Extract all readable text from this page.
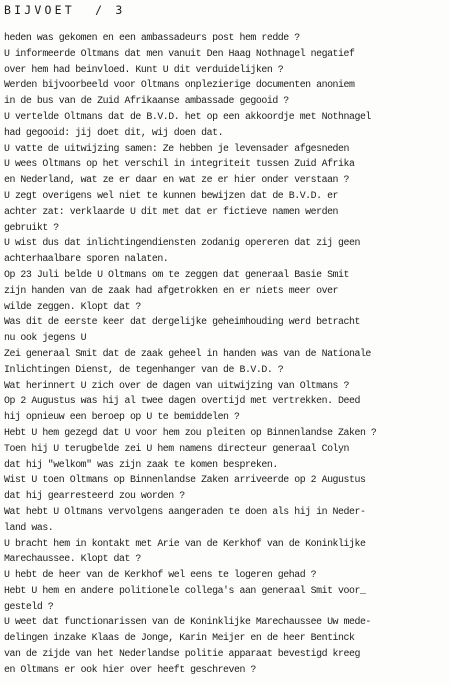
BIJVOET / 3
heden was gekomen en een ambassadeurs post hem redde ?
U informeerde Oltmans dat men vanuit Den Haag Nothnagel negatief
over hem had beinvloed. Kunt U dit verduidelijken ?
Werden bijvoorbeeld voor Oltmans onplezierige documenten anoniem
in de bus van de Zuid Afrikaanse ambassade gegooid ?
U vertelde Oltmans dat de B.V.D. het op een akkoordje met Nothnagel
had gegooid: jij doet dit, wij doen dat.
U vatte de uitwijzing samen: Ze hebben je levensader afgesneden
U wees Oltmans op het verschil in integriteit tussen Zuid Afrika
en Nederland, wat ze er daar en wat ze er hier onder verstaan ?
U zegt overigens wel niet te kunnen bewijzen dat de B.V.D. er
achter zat: verklaarde U dit met dat er fictieve namen werden
gebruikt ?
U wist dus dat inlichtingendiensten zodanig opereren dat zij geen
achterhaalbare sporen nalaten.
Op 23 Juli belde U Oltmans om te zeggen dat generaal Basie Smit
zijn handen van de zaak had afgetrokken en er niets meer over
wilde zeggen. Klopt dat ?
Was dit de eerste keer dat dergelijke geheimhouding werd betracht
nu ook jegens U
Zei generaal Smit dat de zaak geheel in handen was van de Nationale
Inlichtingen Dienst, de tegenhanger van de B.V.D. ?
Wat herinnert U zich over de dagen van uitwijzing van Oltmans ?
Op 2 Augustus was hij al twee dagen overtijd met vertrekken. Deed
hij opnieuw een beroep op U te bemiddelen ?
Hebt U hem gezegd dat U voor hem zou pleiten op Binnenlandse Zaken ?
Toen hij U terugbelde zei U hem namens directeur generaal Colyn
dat hij "welkom" was zijn zaak te komen bespreken.
Wist U toen Oltmans op Binnenlandse Zaken arriveerde op 2 Augustus
dat hij gearresteerd zou worden ?
Wat hebt U Oltmans vervolgens aangeraden te doen als hij in Neder-
land was.
U bracht hem in kontakt met Arie van de Kerkhof van de Koninklijke
Marechaussee. Klopt dat ?
U hebt de heer van de Kerkhof wel eens te logeren gehad ?
Hebt U hem en andere politionele collega's aan generaal Smit voor_
gesteld ?
U weet dat functionarissen van de Koninklijke Marechaussee Uw mede-
delingen inzake Klaas de Jonge, Karin Meijer en de heer Bentinck
van de zijde van het Nederlandse politie apparaat bevestigd kreeg
en Oltmans er ook hier over heeft geschreven ?
